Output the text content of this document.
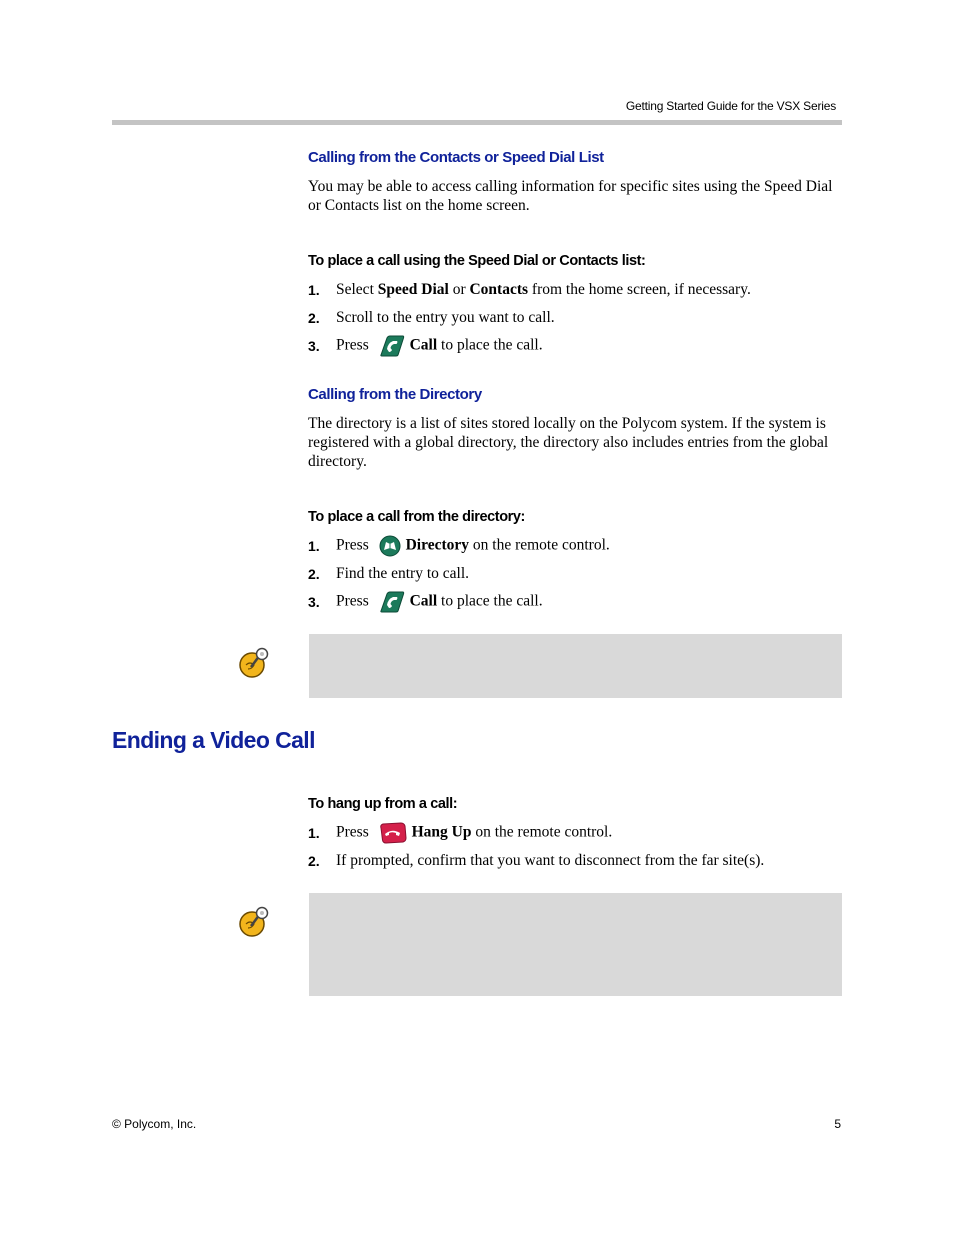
Getting Started Guide for the VSX Series
Calling from the Contacts or Speed Dial List
You may be able to access calling information for specific sites using the Speed Dial or Contacts list on the home screen.
To place a call using the Speed Dial or Contacts list:
1.	Select Speed Dial or Contacts from the home screen, if necessary.
2.	Scroll to the entry you want to call.
3.	Press Call to place the call.
Calling from the Directory
The directory is a list of sites stored locally on the Polycom system. If the system is registered with a global directory, the directory also includes entries from the global directory.
To place a call from the directory:
1.	Press Directory on the remote control.
2.	Find the entry to call.
3.	Press Call to place the call.
Ending a Video Call
To hang up from a call:
1.	Press	Hang Up on the remote control.
2.	If prompted, confirm that you want to disconnect from the far site(s).
© Polycom, Inc.	5
